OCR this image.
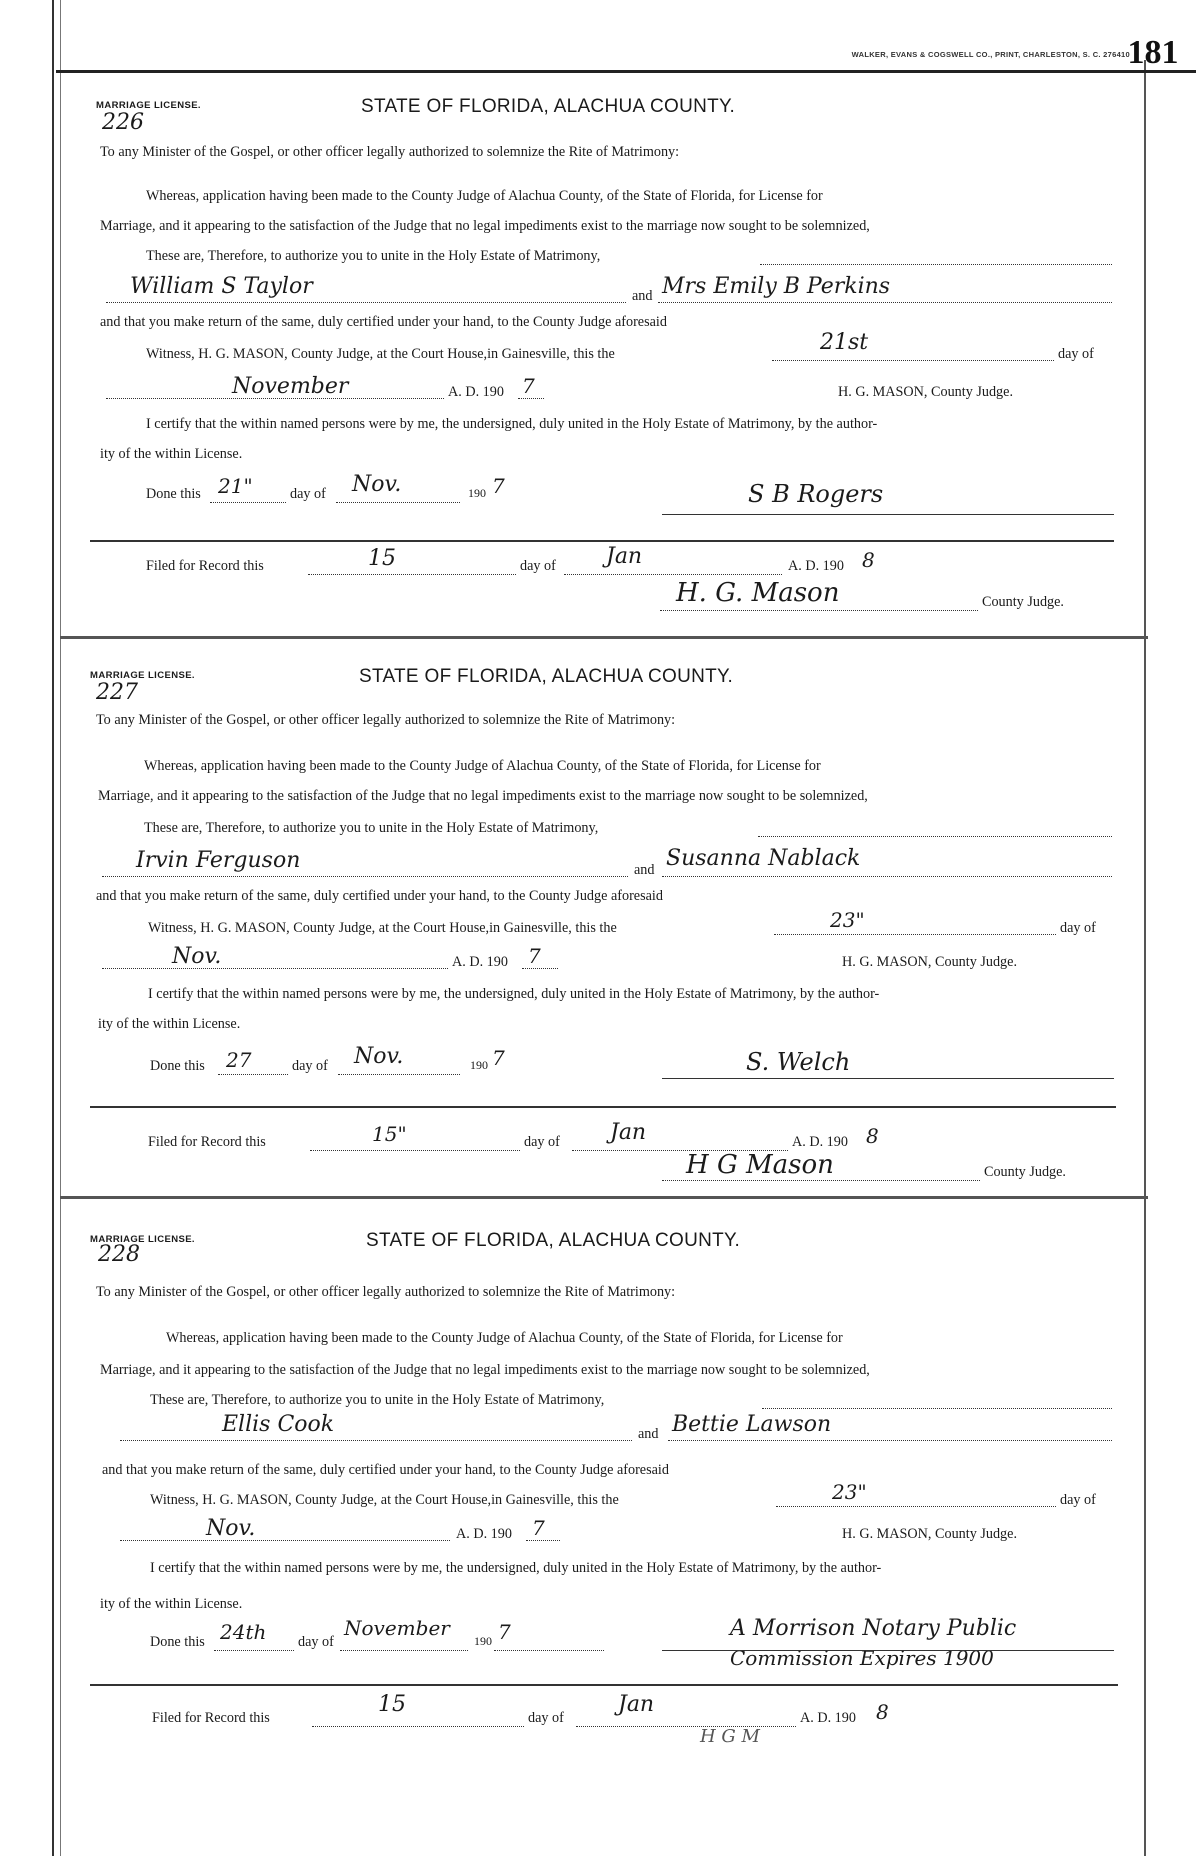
WALKER, EVANS & COGSWELL CO., PRINT, CHARLESTON, S. C. 276410
181
MARRIAGE LICENSE.
226
STATE OF FLORIDA, ALACHUA COUNTY.
To any Minister of the Gospel, or other officer legally authorized to solemnize the Rite of Matrimony:
Whereas, application having been made to the County Judge of Alachua County, of the State of Florida, for License for
Marriage, and it appearing to the satisfaction of the Judge that no legal impediments exist to the marriage now sought to be solemnized,
These are, Therefore, to authorize you to unite in the Holy Estate of Matrimony,
William S Taylor	and Mrs Emily B Perkins
and that you make return of the same, duly certified under your hand, to the County Judge aforesaid
Witness, H. G. MASON, County Judge, at the Court House,in Gainesville, this the	21st	day of
November	A. D. 190 7	H. G. MASON, County Judge.
I certify that the within named persons were by me, the undersigned, duly united in the Holy Estate of Matrimony, by the author-
ity of the within License.
Done this 21"	day of Nov.	190 7	S B Rogers
Filed for Record this	15	day of Jan	A. D. 190 8
H. G. Mason	County Judge.
MARRIAGE LICENSE.
227
STATE OF FLORIDA, ALACHUA COUNTY.
To any Minister of the Gospel, or other officer legally authorized to solemnize the Rite of Matrimony:
Whereas, application having been made to the County Judge of Alachua County, of the State of Florida, for License for
Marriage, and it appearing to the satisfaction of the Judge that no legal impediments exist to the marriage now sought to be solemnized,
These are, Therefore, to authorize you to unite in the Holy Estate of Matrimony,
Irvin Ferguson	and Susanna Nablack
and that you make return of the same, duly certified under your hand, to the County Judge aforesaid
Witness, H. G. MASON, County Judge, at the Court House,in Gainesville, this the	23"	day of
Nov.	A. D. 190 7	H. G. MASON, County Judge.
I certify that the within named persons were by me, the undersigned, duly united in the Holy Estate of Matrimony, by the author-
ity of the within License.
Done this 27	day of Nov.	190 7	S. Welch
Filed for Record this	15"	day of Jan	A. D. 190 8
H G Mason	County Judge.
MARRIAGE LICENSE.
228
STATE OF FLORIDA, ALACHUA COUNTY.
To any Minister of the Gospel, or other officer legally authorized to solemnize the Rite of Matrimony:
Whereas, application having been made to the County Judge of Alachua County, of the State of Florida, for License for
Marriage, and it appearing to the satisfaction of the Judge that no legal impediments exist to the marriage now sought to be solemnized,
These are, Therefore, to authorize you to unite in the Holy Estate of Matrimony,
Ellis Cook	and Bettie Lawson
and that you make return of the same, duly certified under your hand, to the County Judge aforesaid
Witness, H. G. MASON, County Judge, at the Court House,in Gainesville, this the	23"	day of
Nov.	A. D. 190 7	H. G. MASON, County Judge.
I certify that the within named persons were by me, the undersigned, duly united in the Holy Estate of Matrimony, by the author-
ity of the within License.
Done this 24th day of
November
190 7	A Morrison Notary Public
Commission Expires 1900
Filed for Record this
15
day of
Jan
A. D. 190 8
H G M
